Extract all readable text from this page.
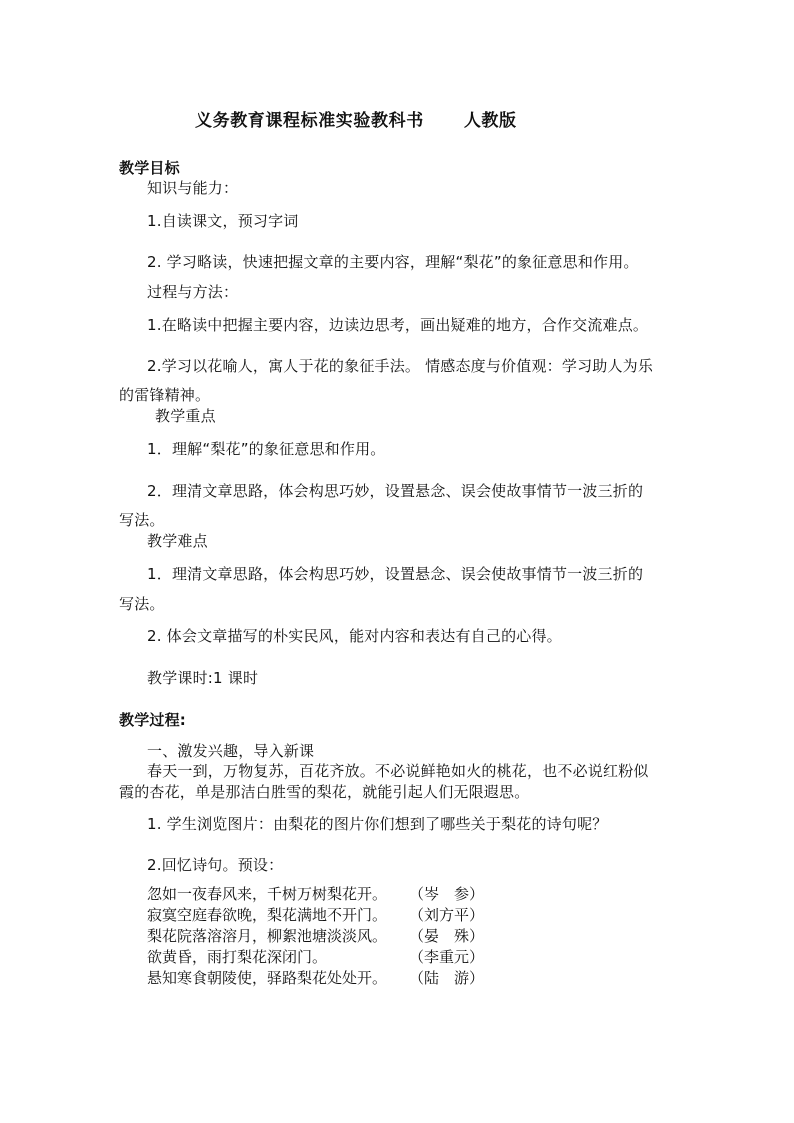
义务教育课程标准实验教科书 人教版
教学目标
知识与能力：
1.自读课文，预习字词
2. 学习略读，快速把握文章的主要内容，理解“梨花”的象征意思和作用。
过程与方法：
1.在略读中把握主要内容，边读边思考，画出疑难的地方，合作交流难点。
2.学习以花喻人，寓人于花的象征手法。 情感态度与价值观：学习助人为乐
的雷锋精神。
教学重点
1．理解“梨花”的象征意思和作用。
2．理清文章思路，体会构思巧妙，设置悬念、误会使故事情节一波三折的
写法。
教学难点
1．理清文章思路，体会构思巧妙，设置悬念、误会使故事情节一波三折的
写法。
2. 体会文章描写的朴实民风，能对内容和表达有自己的心得。
教学课时:1 课时
教学过程:
一、激发兴趣，导入新课
春天一到，万物复苏，百花齐放。不必说鲜艳如火的桃花，也不必说红粉似
霞的杏花，单是那洁白胜雪的梨花，就能引起人们无限遐思。
1. 学生浏览图片：由梨花的图片你们想到了哪些关于梨花的诗句呢？
2.回忆诗句。预设：
忽如一夜春风来，千树万树梨花开。	（岑　参）
寂寞空庭春欲晚，梨花满地不开门。	（刘方平）
梨花院落溶溶月，柳絮池塘淡淡风。	（晏　殊）
欲黄昏，雨打梨花深闭门。	（李重元）
悬知寒食朝陵使，驿路梨花处处开。	（陆　游）
